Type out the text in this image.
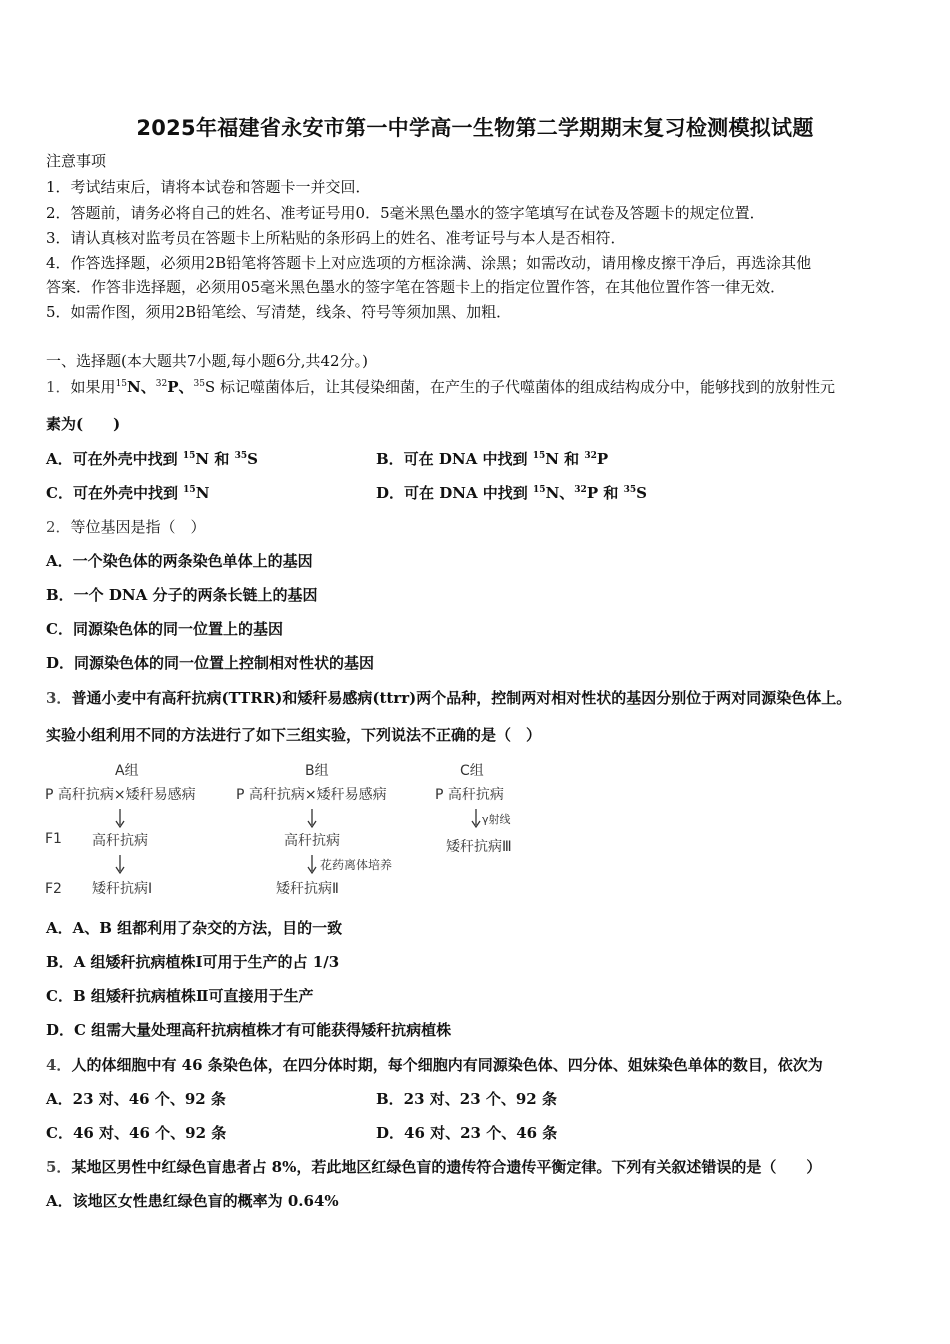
2025年福建省永安市第一中学高一生物第二学期期末复习检测模拟试题
注意事项
1．考试结束后，请将本试卷和答题卡一并交回．
2．答题前，请务必将自己的姓名、准考证号用0．5毫米黑色墨水的签字笔填写在试卷及答题卡的规定位置．
3．请认真核对监考员在答题卡上所粘贴的条形码上的姓名、准考证号与本人是否相符．
4．作答选择题，必须用2B铅笔将答题卡上对应选项的方框涂满、涂黑；如需改动，请用橡皮擦干净后，再选涂其他
答案．作答非选择题，必须用05毫米黑色墨水的签字笔在答题卡上的指定位置作答，在其他位置作答一律无效．
5．如需作图，须用2B铅笔绘、写清楚，线条、符号等须加黑、加粗．
一、选择题(本大题共7小题,每小题6分,共42分。)
1．如果用$^{15}$N、$^{32}$P、$^{35}$S 标记噬菌体后，让其侵染细菌，在产生的子代噬菌体的组成结构成分中，能够找到的放射性元
素为(　　)
A．可在外壳中找到 $^{15}$N 和 $^{35}$S	B．可在 DNA 中找到 $^{15}$N 和 $^{32}$P
C．可在外壳中找到 $^{15}$N	D．可在 DNA 中找到 $^{15}$N、$^{32}$P 和 $^{35}$S
2．等位基因是指（　）
A．一个染色体的两条染色单体上的基因
B．一个 DNA 分子的两条长链上的基因
C．同源染色体的同一位置上的基因
D．同源染色体的同一位置上控制相对性状的基因
3．普通小麦中有高秆抗病(TTRR)和矮秆易感病(ttrr)两个品种，控制两对相对性状的基因分别位于两对同源染色体上。
实验小组利用不同的方法进行了如下三组实验，下列说法不正确的是（　）
A组	B组	C组
P 高秆抗病×矮秆易感病	P 高秆抗病×矮秆易感病	P 高秆抗病
γ射线
F1 高秆抗病	高秆抗病	矮秆抗病Ⅲ
花药离体培养
F2 矮秆抗病Ⅰ	矮秆抗病Ⅱ
A．A、B 组都利用了杂交的方法，目的一致
B．A 组矮秆抗病植株Ⅰ可用于生产的占 1/3
C．B 组矮秆抗病植株Ⅱ可直接用于生产
D．C 组需大量处理高秆抗病植株才有可能获得矮秆抗病植株
4．人的体细胞中有 46 条染色体，在四分体时期，每个细胞内有同源染色体、四分体、姐妹染色单体的数目，依次为
A．23 对、46 个、92 条	B．23 对、23 个、92 条
C．46 对、46 个、92 条	D．46 对、23 个、46 条
5．某地区男性中红绿色盲患者占 8%，若此地区红绿色盲的遗传符合遗传平衡定律。下列有关叙述错误的是（　　）
A．该地区女性患红绿色盲的概率为 0.64%
